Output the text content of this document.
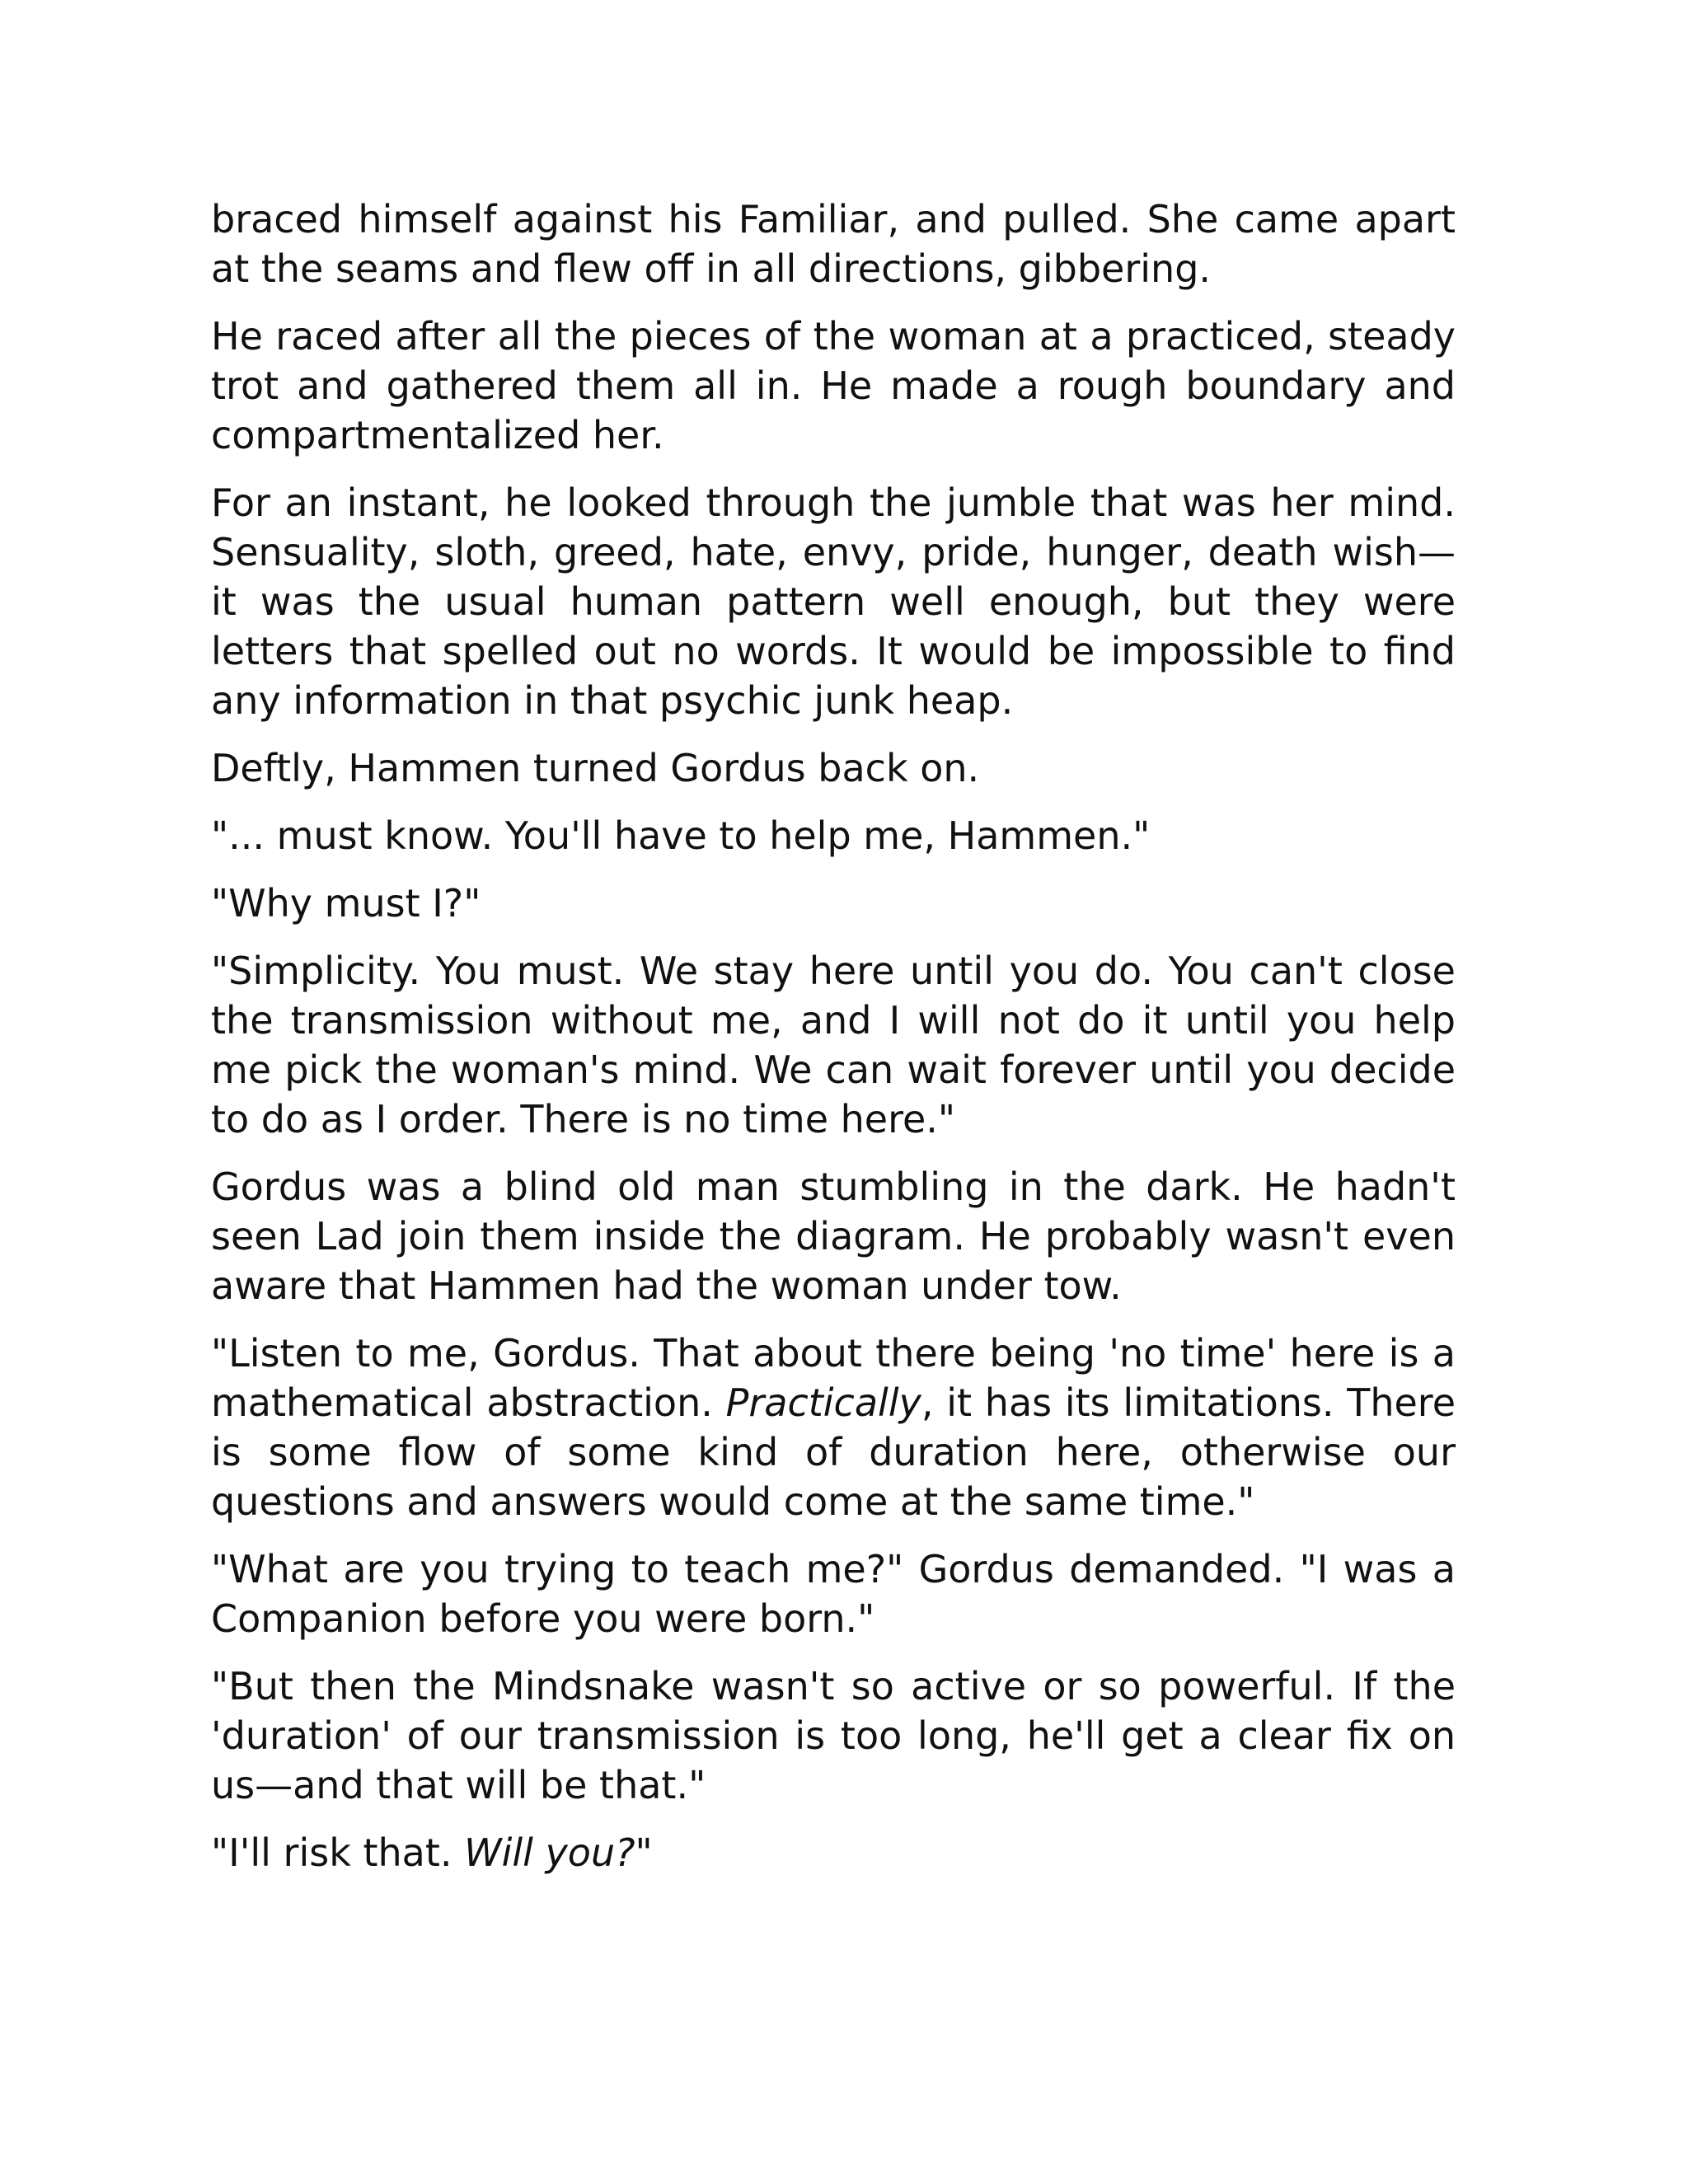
braced himself against his Familiar, and pulled. She came apart at the seams and flew off in all directions, gibbering.

He raced after all the pieces of the woman at a practiced, steady trot and gathered them all in. He made a rough boundary and compartmentalized her.

For an instant, he looked through the jumble that was her mind. Sensuality, sloth, greed, hate, envy, pride, hunger, death wish—it was the usual human pattern well enough, but they were letters that spelled out no words. It would be impossible to find any information in that psychic junk heap.

Deftly, Hammen turned Gordus back on.

"... must know. You'll have to help me, Hammen."

"Why must I?"

"Simplicity. You must. We stay here until you do. You can't close the transmission without me, and I will not do it until you help me pick the woman's mind. We can wait forever until you decide to do as I order. There is no time here."

Gordus was a blind old man stumbling in the dark. He hadn't seen Lad join them inside the diagram. He probably wasn't even aware that Hammen had the woman under tow.

"Listen to me, Gordus. That about there being 'no time' here is a mathematical abstraction. Practically, it has its limitations. There is some flow of some kind of duration here, otherwise our questions and answers would come at the same time."

"What are you trying to teach me?" Gordus demanded. "I was a Companion before you were born."

"But then the Mindsnake wasn't so active or so powerful. If the 'duration' of our transmission is too long, he'll get a clear fix on us—and that will be that."

"I'll risk that. Will you?"
